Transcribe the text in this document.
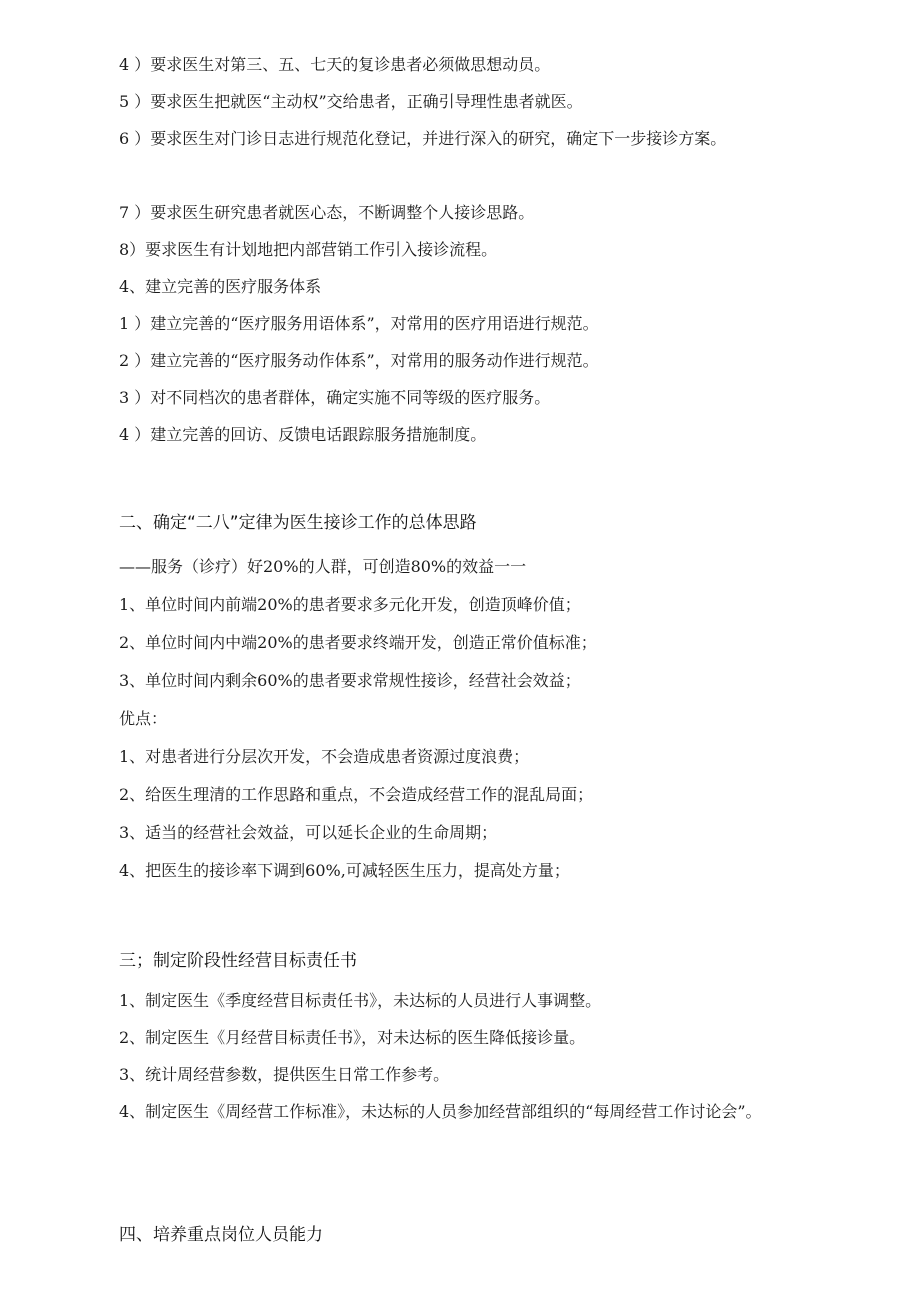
4 ）要求医生对第三、五、七天的复诊患者必须做思想动员。
5 ）要求医生把就医“主动权”交给患者，正确引导理性患者就医。
6 ）要求医生对门诊日志进行规范化登记，并进行深入的研究，确定下一步接诊方案。
7 ）要求医生研究患者就医心态，不断调整个人接诊思路。
8）要求医生有计划地把内部营销工作引入接诊流程。
4、建立完善的医疗服务体系
1 ）建立完善的“医疗服务用语体系”，对常用的医疗用语进行规范。
2 ）建立完善的“医疗服务动作体系”，对常用的服务动作进行规范。
3 ）对不同档次的患者群体，确定实施不同等级的医疗服务。
4 ）建立完善的回访、反馈电话跟踪服务措施制度。
二、确定“二八”定律为医生接诊工作的总体思路
——服务（诊疗）好20%的人群，可创造80%的效益一一
1、单位时间内前端20%的患者要求多元化开发，创造顶峰价值；
2、单位时间内中端20%的患者要求终端开发，创造正常价值标准；
3、单位时间内剩余60%的患者要求常规性接诊，经营社会效益；
优点：
1、对患者进行分层次开发，不会造成患者资源过度浪费；
2、给医生理清的工作思路和重点，不会造成经营工作的混乱局面；
3、适当的经营社会效益，可以延长企业的生命周期；
4、把医生的接诊率下调到60%,可减轻医生压力，提高处方量；
三；制定阶段性经营目标责任书
1、制定医生《季度经营目标责任书》，未达标的人员进行人事调整。
2、制定医生《月经营目标责任书》，对未达标的医生降低接诊量。
3、统计周经营参数，提供医生日常工作参考。
4、制定医生《周经营工作标准》，未达标的人员参加经营部组织的“每周经营工作讨论会”。
四、培养重点岗位人员能力
